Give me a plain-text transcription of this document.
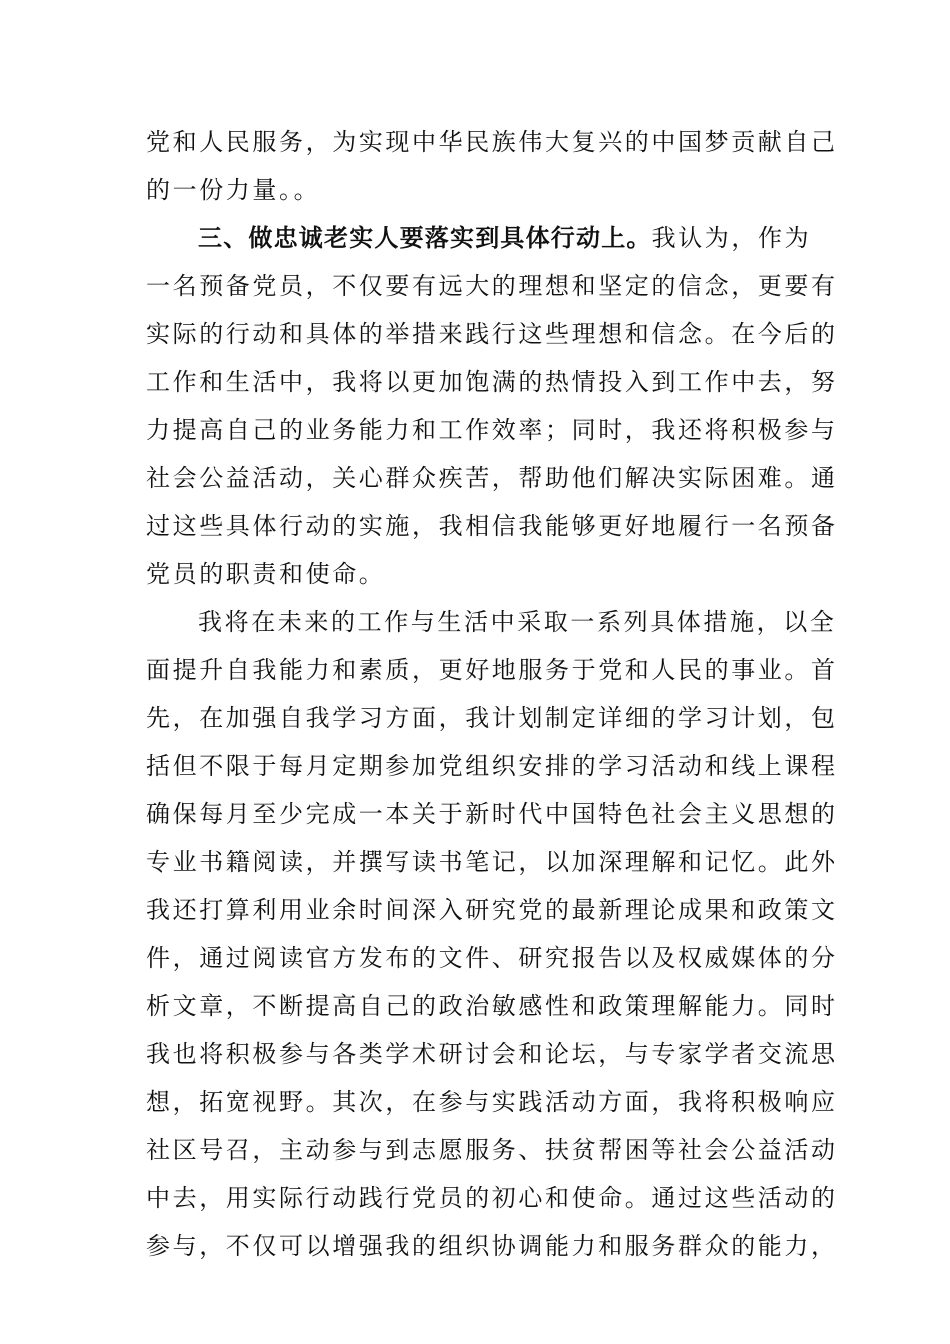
党和人民服务，为实现中华民族伟大复兴的中国梦贡献自己
的一份力量。。
三、做忠诚老实人要落实到具体行动上。我认为，作为
一名预备党员，不仅要有远大的理想和坚定的信念，更要有
实际的行动和具体的举措来践行这些理想和信念。在今后的
工作和生活中，我将以更加饱满的热情投入到工作中去，努
力提高自己的业务能力和工作效率；同时，我还将积极参与
社会公益活动，关心群众疾苦，帮助他们解决实际困难。通
过这些具体行动的实施，我相信我能够更好地履行一名预备
党员的职责和使命。
我将在未来的工作与生活中采取一系列具体措施，以全
面提升自我能力和素质，更好地服务于党和人民的事业。首
先，在加强自我学习方面，我计划制定详细的学习计划，包
括但不限于每月定期参加党组织安排的学习活动和线上课程
确保每月至少完成一本关于新时代中国特色社会主义思想的
专业书籍阅读，并撰写读书笔记，以加深理解和记忆。此外
我还打算利用业余时间深入研究党的最新理论成果和政策文
件，通过阅读官方发布的文件、研究报告以及权威媒体的分
析文章，不断提高自己的政治敏感性和政策理解能力。同时
我也将积极参与各类学术研讨会和论坛，与专家学者交流思
想，拓宽视野。其次，在参与实践活动方面，我将积极响应
社区号召，主动参与到志愿服务、扶贫帮困等社会公益活动
中去，用实际行动践行党员的初心和使命。通过这些活动的
参与，不仅可以增强我的组织协调能力和服务群众的能力，
